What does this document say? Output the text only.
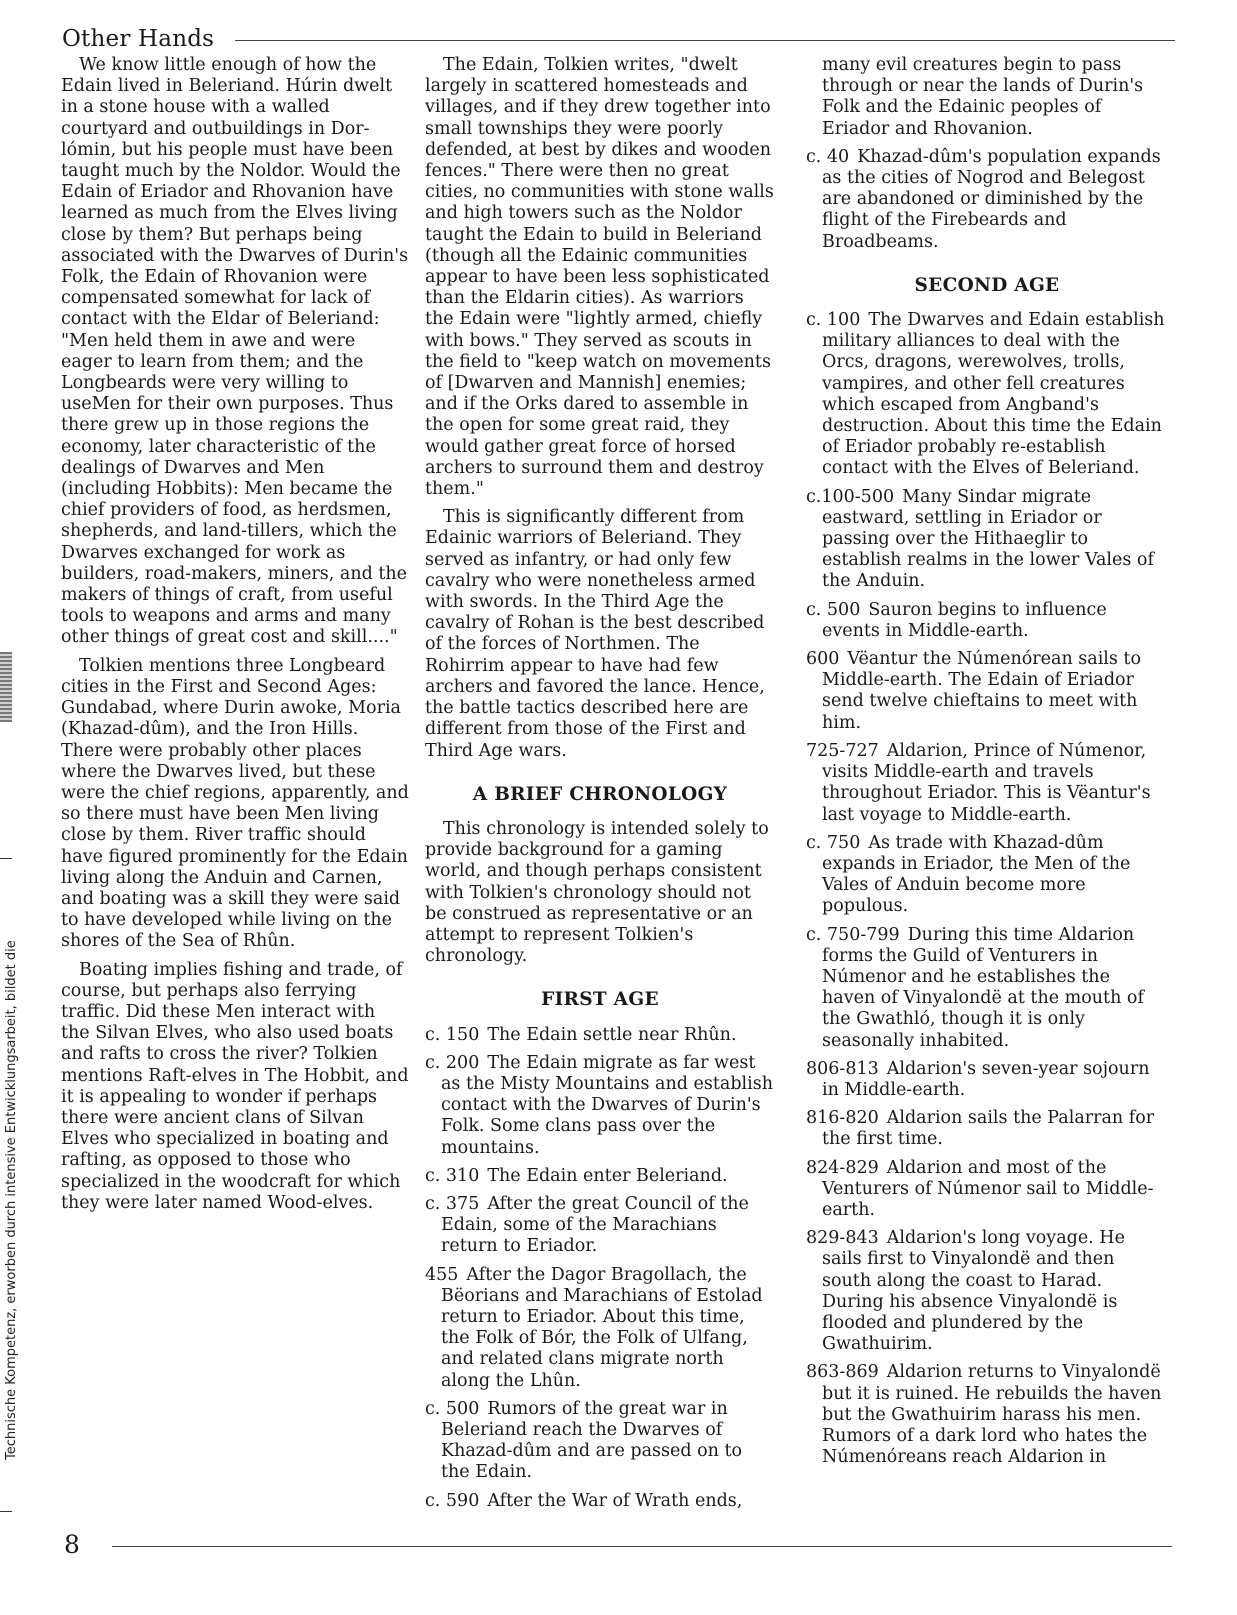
Other Hands
Technische Kompetenz, erworben durch intensive Entwicklungsarbeit, bildet die

We know little enough of how the Edain lived in Beleriand. Húrin dwelt in a stone house with a walled courtyard and outbuildings in Dor-lómin, but his people must have been taught much by the Noldor. Would the Edain of Eriador and Rhovanion have learned as much from the Elves living close by them? But perhaps being associated with the Dwarves of Durin's Folk, the Edain of Rhovanion were compensated somewhat for lack of contact with the Eldar of Beleriand: "Men held them in awe and were eager to learn from them; and the Longbeards were very willing to useMen for their own purposes. Thus there grew up in those regions the economy, later characteristic of the dealings of Dwarves and Men (including Hobbits): Men became the chief providers of food, as herdsmen, shepherds, and land-tillers, which the Dwarves exchanged for work as builders, road-makers, miners, and the makers of things of craft, from useful tools to weapons and arms and many other things of great cost and skill...."

Tolkien mentions three Longbeard cities in the First and Second Ages: Gundabad, where Durin awoke, Moria (Khazad-dûm), and the Iron Hills. There were probably other places where the Dwarves lived, but these were the chief regions, apparently, and so there must have been Men living close by them. River traffic should have figured prominently for the Edain living along the Anduin and Carnen, and boating was a skill they were said to have developed while living on the shores of the Sea of Rhûn.

Boating implies fishing and trade, of course, but perhaps also ferrying traffic. Did these Men interact with the Silvan Elves, who also used boats and rafts to cross the river? Tolkien mentions Raft-elves in The Hobbit, and it is appealing to wonder if perhaps there were ancient clans of Silvan Elves who specialized in boating and rafting, as opposed to those who specialized in the woodcraft for which they were later named Wood-elves.

The Edain, Tolkien writes, "dwelt largely in scattered homesteads and villages, and if they drew together into small townships they were poorly defended, at best by dikes and wooden fences." There were then no great cities, no communities with stone walls and high towers such as the Noldor taught the Edain to build in Beleriand (though all the Edainic communities appear to have been less sophisticated than the Eldarin cities). As warriors the Edain were "lightly armed, chiefly with bows." They served as scouts in the field to "keep watch on movements of [Dwarven and Mannish] enemies; and if the Orks dared to assemble in the open for some great raid, they would gather great force of horsed archers to surround them and destroy them."

This is significantly different from Edainic warriors of Beleriand. They served as infantry, or had only few cavalry who were nonetheless armed with swords. In the Third Age the cavalry of Rohan is the best described of the forces of Northmen. The Rohirrim appear to have had few archers and favored the lance. Hence, the battle tactics described here are different from those of the First and Third Age wars.

A BRIEF CHRONOLOGY

This chronology is intended solely to provide background for a gaming world, and though perhaps consistent with Tolkien's chronology should not be construed as representative or an attempt to represent Tolkien's chronology.

FIRST AGE
c. 150 The Edain settle near Rhûn.
c. 200 The Edain migrate as far west as the Misty Mountains and establish contact with the Dwarves of Durin's Folk. Some clans pass over the mountains.
c. 310 The Edain enter Beleriand.
c. 375 After the great Council of the Edain, some of the Marachians return to Eriador.
455 After the Dagor Bragollach, the Bëorians and Marachians of Estolad return to Eriador. About this time, the Folk of Bór, the Folk of Ulfang, and related clans migrate north along the Lhûn.
c. 500 Rumors of the great war in Beleriand reach the Dwarves of Khazad-dûm and are passed on to the Edain.
c. 590 After the War of Wrath ends,

many evil creatures begin to pass through or near the lands of Durin's Folk and the Edainic peoples of Eriador and Rhovanion.

c. 40 Khazad-dûm's population expands as the cities of Nogrod and Belegost are abandoned or diminished by the flight of the Firebeards and Broadbeams.
SECOND AGE
c. 100 The Dwarves and Edain establish military alliances to deal with the Orcs, dragons, werewolves, trolls, vampires, and other fell creatures which escaped from Angband's destruction. About this time the Edain of Eriador probably re-establish contact with the Elves of Beleriand.
c.100-500 Many Sindar migrate eastward, settling in Eriador or passing over the Hithaeglir to establish realms in the lower Vales of the Anduin.
c. 500 Sauron begins to influence events in Middle-earth.
600 Vëantur the Númenórean sails to Middle-earth. The Edain of Eriador send twelve chieftains to meet with him.
725-727 Aldarion, Prince of Númenor, visits Middle-earth and travels throughout Eriador. This is Vëantur's last voyage to Middle-earth.
c. 750 As trade with Khazad-dûm expands in Eriador, the Men of the Vales of Anduin become more populous.
c. 750-799 During this time Aldarion forms the Guild of Venturers in Númenor and he establishes the haven of Vinyalondë at the mouth of the Gwathló, though it is only seasonally inhabited.
806-813 Aldarion's seven-year sojourn in Middle-earth.
816-820 Aldarion sails the Palarran for the first time.
824-829 Aldarion and most of the Venturers of Númenor sail to Middle-earth.
829-843 Aldarion's long voyage. He sails first to Vinyalondë and then south along the coast to Harad. During his absence Vinyalondë is flooded and plundered by the Gwathuirim.
863-869 Aldarion returns to Vinyalondë but it is ruined. He rebuilds the haven but the Gwathuirim harass his men. Rumors of a dark lord who hates the Númenóreans reach Aldarion in
8
